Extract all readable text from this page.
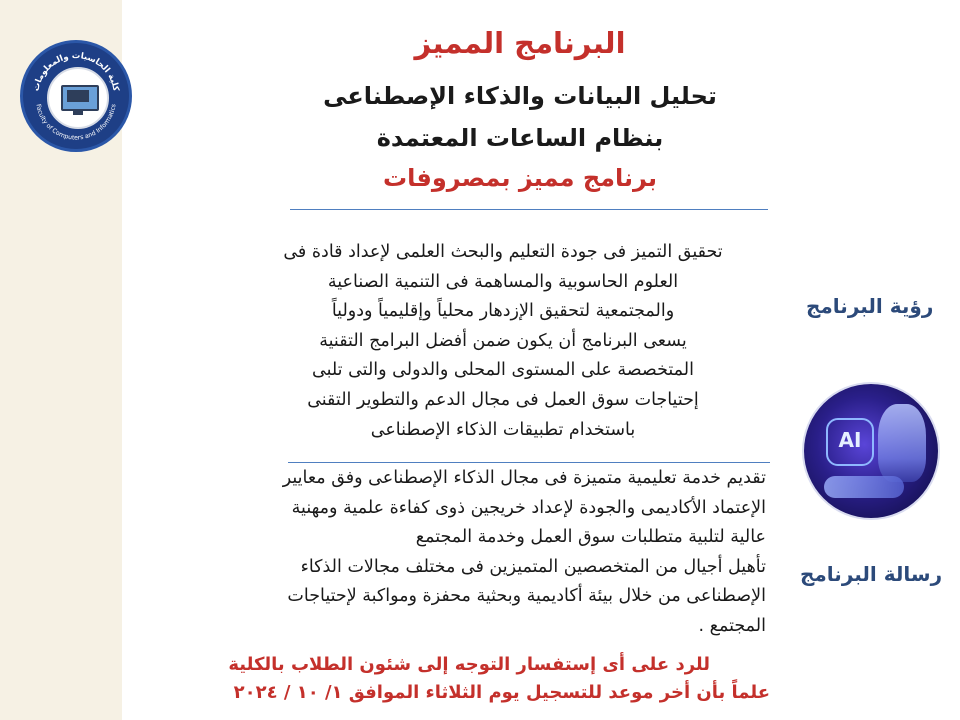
كلية الحاسبات والمعلومات
Faculty of Computers and Informatics
البرنامج المميز
تحليل البيانات والذكاء الإصطناعى
بنظام الساعات المعتمدة
برنامج مميز بمصروفات
تحقيق التميز فى جودة التعليم والبحث العلمى لإعداد قادة فى
العلوم الحاسوبية والمساهمة فى التنمية الصناعية
والمجتمعية لتحقيق الإزدهار محلياً وإقليمياً ودولياً
يسعى البرنامج أن يكون ضمن أفضل البرامج التقنية
المتخصصة على المستوى المحلى والدولى والتى تلبى
إحتياجات سوق العمل فى مجال الدعم والتطوير التقنى
باستخدام تطبيقات الذكاء الإصطناعى
رؤية البرنامج
AI
تقديم خدمة تعليمية متميزة فى مجال الذكاء الإصطناعى وفق معايير
الإعتماد الأكاديمى والجودة لإعداد خريجين ذوى كفاءة علمية ومهنية
عالية لتلبية متطلبات سوق العمل وخدمة المجتمع
تأهيل أجيال من المتخصصين المتميزين فى مختلف مجالات الذكاء
الإصطناعى من خلال بيئة أكاديمية وبحثية محفزة ومواكبة لإحتياجات
المجتمع .
رسالة البرنامج
للرد على أى إستفسار التوجه إلى شئون الطلاب بالكلية
علماً بأن أخر موعد للتسجيل يوم الثلاثاء الموافق ١/ ١٠ / ٢٠٢٤
